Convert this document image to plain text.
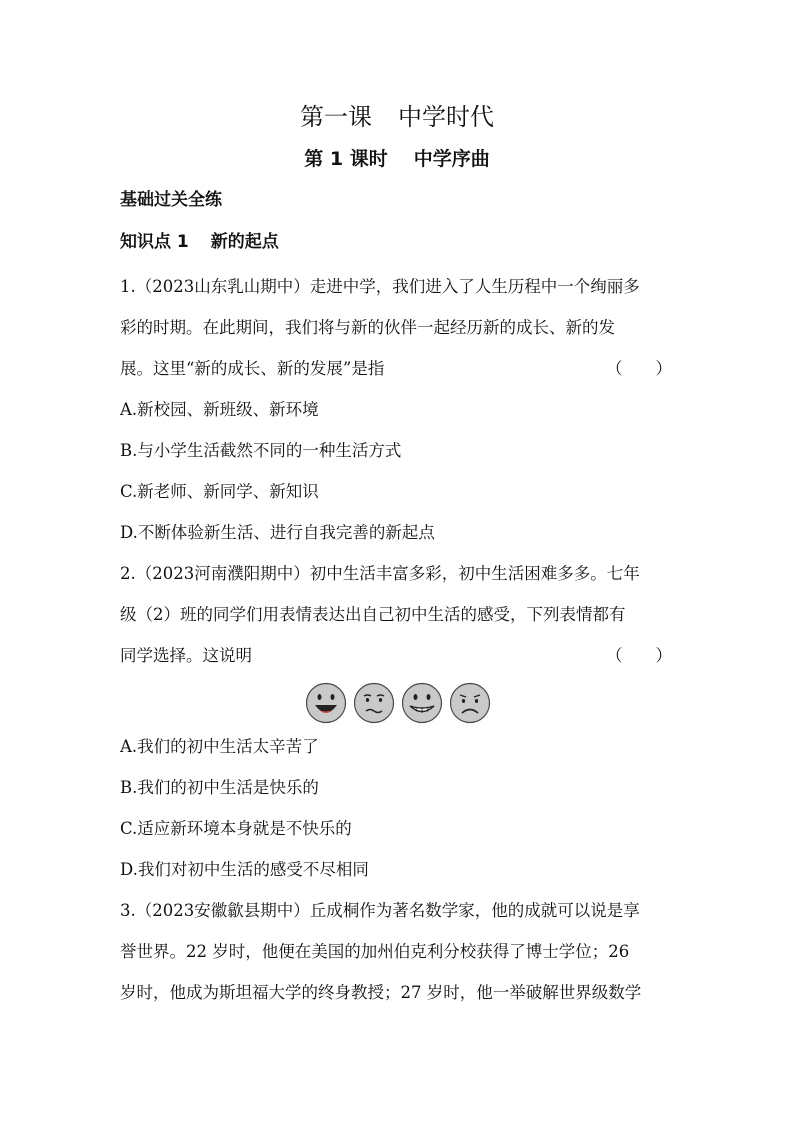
第一课 中学时代
第 1 课时 中学序曲
基础过关全练
知识点 1 新的起点

1.（2023山东乳山期中）走进中学，我们进入了人生历程中一个绚丽多

彩的时期。在此期间，我们将与新的伙伴一起经历新的成长、新的发

展。这里“新的成长、新的发展”是指	（　　）

A.新校园、新班级、新环境

B.与小学生活截然不同的一种生活方式

C.新老师、新同学、新知识

D.不断体验新生活、进行自我完善的新起点

2.（2023河南濮阳期中）初中生活丰富多彩，初中生活困难多多。七年

级（2）班的同学们用表情表达出自己初中生活的感受，下列表情都有

同学选择。这说明	（　　）

A.我们的初中生活太辛苦了

B.我们的初中生活是快乐的

C.适应新环境本身就是不快乐的

D.我们对初中生活的感受不尽相同

3.（2023安徽歙县期中）丘成桐作为著名数学家，他的成就可以说是享

誉世界。22 岁时，他便在美国的加州伯克利分校获得了博士学位；26

岁时，他成为斯坦福大学的终身教授；27 岁时，他一举破解世界级数学
